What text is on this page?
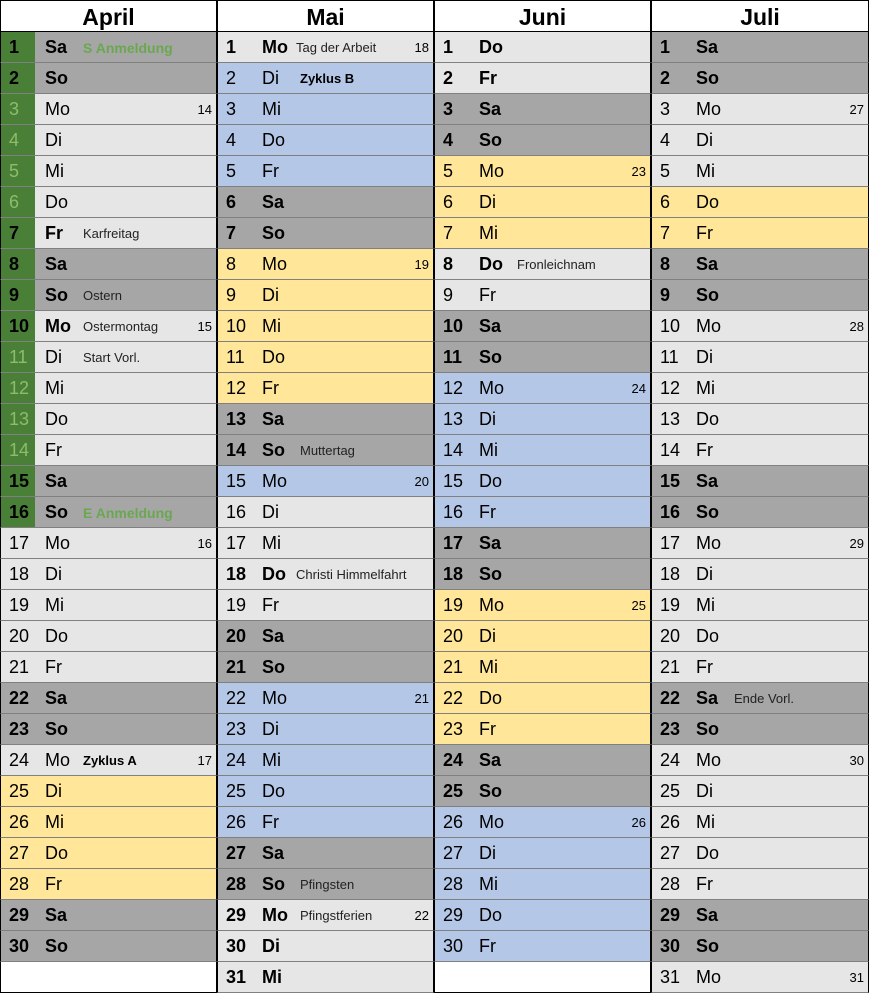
April
1 Sa S Anmeldung
2 So
3 Mo	14
4 Di
5 Mi
6 Do
7 Fr Karfreitag
8 Sa
9 So Ostern
10 Mo Ostermontag	15
11 Di Start Vorl.
12 Mi
13 Do
14 Fr
15 Sa
16 So E Anmeldung
17 Mo	16
18 Di
19 Mi
20 Do
21 Fr
22 Sa
23 So
24 Mo Zyklus A	17
25 Di
26 Mi
27 Do
28 Fr
29 Sa
30 So
Mai
1 Mo Tag der Arbeit	18
2 Di Zyklus B
3 Mi
4 Do
5 Fr
6 Sa
7 So
8 Mo	19
9 Di
10 Mi
11 Do
12 Fr
13 Sa
14 So Muttertag
15 Mo	20
16 Di
17 Mi
18 Do Christi Himmelfahrt
19 Fr
20 Sa
21 So
22 Mo	21
23 Di
24 Mi
25 Do
26 Fr
27 Sa
28 So Pfingsten
29 Mo Pfingstferien	22
30 Di
31 Mi
Juni
1 Do
2 Fr
3 Sa
4 So
5 Mo	23
6 Di
7 Mi
8 Do Fronleichnam
9 Fr
10 Sa
11 So
12 Mo	24
13 Di
14 Mi
15 Do
16 Fr
17 Sa
18 So
19 Mo	25
20 Di
21 Mi
22 Do
23 Fr
24 Sa
25 So
26 Mo	26
27 Di
28 Mi
29 Do
30 Fr
Juli
1 Sa
2 So
3 Mo	27
4 Di
5 Mi
6 Do
7 Fr
8 Sa
9 So
10 Mo	28
11 Di
12 Mi
13 Do
14 Fr
15 Sa
16 So
17 Mo	29
18 Di
19 Mi
20 Do
21 Fr
22 Sa Ende Vorl.
23 So
24 Mo	30
25 Di
26 Mi
27 Do
28 Fr
29 Sa
30 So
31 Mo	31
